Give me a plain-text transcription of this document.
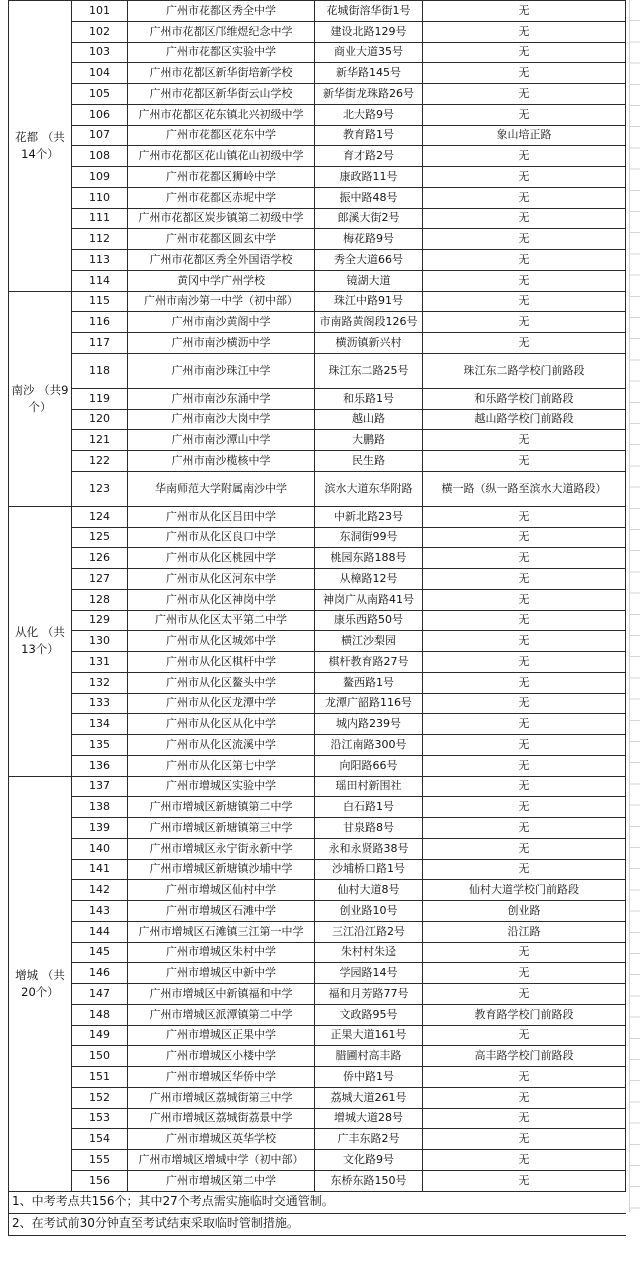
花都 （共14个）	101	广州市花都区秀全中学	花城街溶华街1号	无
	102	广州市花都区邝维煜纪念中学	建设北路129号	无
	103	广州市花都区实验中学	商业大道35号	无
	104	广州市花都区新华街培新学校	新华路145号	无
	105	广州市花都区新华街云山学校	新华街龙珠路26号	无
	106	广州市花都区花东镇北兴初级中学	北大路9号	无
	107	广州市花都区花东中学	教育路1号	象山培正路
	108	广州市花都区花山镇花山初级中学	育才路2号	无
	109	广州市花都区狮岭中学	康政路11号	无
	110	广州市花都区赤坭中学	振中路48号	无
	111	广州市花都区炭步镇第二初级中学	郎溪大街2号	无
	112	广州市花都区圆玄中学	梅花路9号	无
	113	广州市花都区秀全外国语学校	秀全大道66号	无
	114	黄冈中学广州学校	镜湖大道	无
南沙 （共9个）	115	广州市南沙第一中学（初中部）	珠江中路91号	无
	116	广州市南沙黄阁中学	市南路黄阁段126号	无
	117	广州市南沙横沥中学	横沥镇新兴村	无
	118	广州市南沙珠江中学	珠江东二路25号	珠江东二路学校门前路段
	119	广州市南沙东涌中学	和乐路1号	和乐路学校门前路段
	120	广州市南沙大岗中学	越山路	越山路学校门前路段
	121	广州市南沙潭山中学	大鹏路	无
	122	广州市南沙榄核中学	民生路	无
	123	华南师范大学附属南沙中学	滨水大道东华附路	横一路（纵一路至滨水大道路段）
从化 （共13个）	124	广州市从化区吕田中学	中新北路23号	无
	125	广州市从化区良口中学	东洞街99号	无
	126	广州市从化区桃园中学	桃园东路188号	无
	127	广州市从化区河东中学	从樟路12号	无
	128	广州市从化区神岗中学	神岗广从南路41号	无
	129	广州市从化区太平第二中学	康乐西路50号	无
	130	广州市从化区城郊中学	横江沙梨园	无
	131	广州市从化区棋杆中学	棋杆教育路27号	无
	132	广州市从化区鳌头中学	鳌西路1号	无
	133	广州市从化区龙潭中学	龙潭广韶路116号	无
	134	广州市从化区从化中学	城内路239号	无
	135	广州市从化区流溪中学	沿江南路300号	无
	136	广州市从化区第七中学	向阳路66号	无
增城 （共20个）	137	广州市增城区实验中学	瑶田村新围社	无
	138	广州市增城区新塘镇第二中学	白石路1号	无
	139	广州市增城区新塘镇第三中学	甘泉路8号	无
	140	广州市增城区永宁街永新中学	永和永贤路38号	无
	141	广州市增城区新塘镇沙埔中学	沙埔桥口路1号	无
	142	广州市增城区仙村中学	仙村大道8号	仙村大道学校门前路段
	143	广州市增城区石滩中学	创业路10号	创业路
	144	广州市增城区石滩镇三江第一中学	三江沿江路2号	沿江路
	145	广州市增城区朱村中学	朱村村朱迳	无
	146	广州市增城区中新中学	学园路14号	无
	147	广州市增城区中新镇福和中学	福和月芳路77号	无
	148	广州市增城区派潭镇第二中学	文政路95号	教育路学校门前路段
	149	广州市增城区正果中学	正果大道161号	无
	150	广州市增城区小楼中学	腊圃村高丰路	高丰路学校门前路段
	151	广州市增城区华侨中学	侨中路1号	无
	152	广州市增城区荔城街第三中学	荔城大道261号	无
	153	广州市增城区荔城街荔景中学	增城大道28号	无
	154	广州市增城区英华学校	广丰东路2号	无
	155	广州市增城区增城中学（初中部）	文化路9号	无
	156	广州市增城区第二中学	东桥东路150号	无
1、中考考点共156个；其中27个考点需实施临时交通管制。				
2、在考试前30分钟直至考试结束采取临时管制措施。				
